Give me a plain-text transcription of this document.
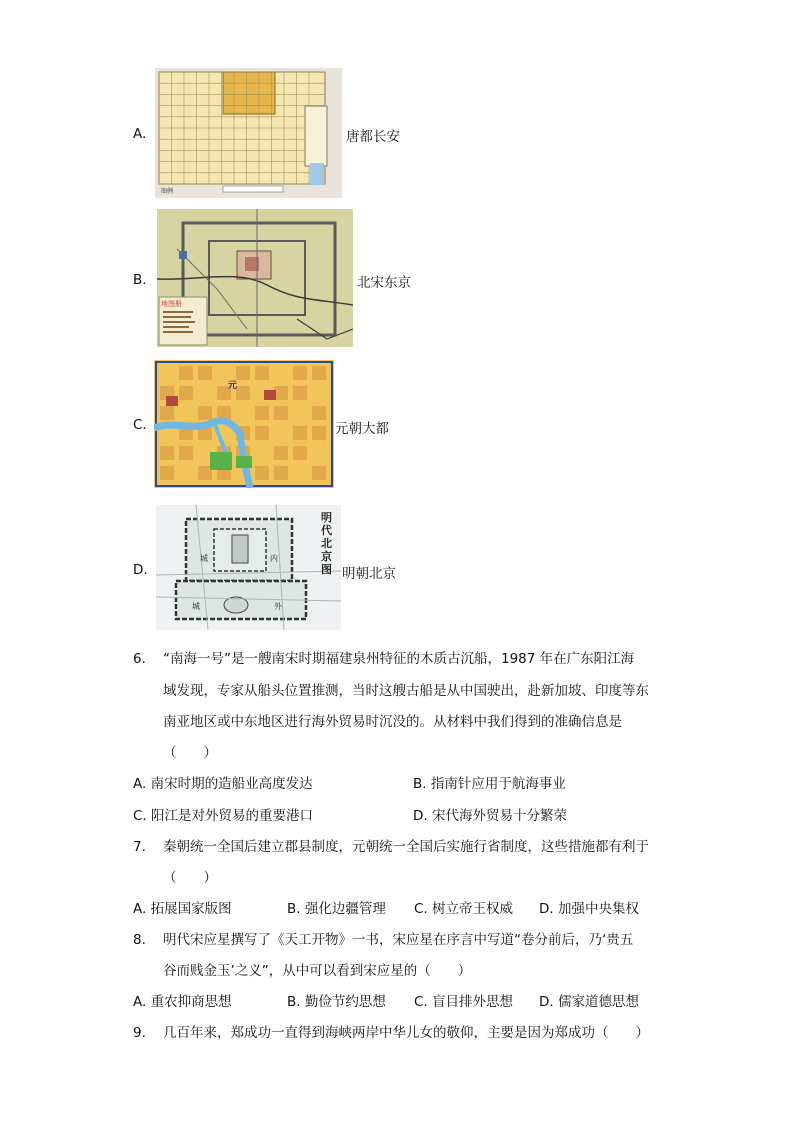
A.
图例
唐都长安
B.
地图册
北宋东京
C.
元
元朝大都
D.
城	内
城	外
明代北京图 明朝北京
6. “南海一号”是一艘南宋时期福建泉州特征的木质古沉船，1987 年在广东阳江海
域发现，专家从船头位置推测，当时这艘古船是从中国驶出，赴新加坡、印度等东
南亚地区或中东地区进行海外贸易时沉没的。从材料中我们得到的准确信息是
（　　）
A. 南宋时期的造船业高度发达	B. 指南针应用于航海事业
C. 阳江是对外贸易的重要港口	D. 宋代海外贸易十分繁荣
7. 秦朝统一全国后建立郡县制度，元朝统一全国后实施行省制度，这些措施都有利于
（　　）
A. 拓展国家版图	B. 强化边疆管理 C. 树立帝王权威 D. 加强中央集权
8. 明代宋应星撰写了《天工开物》一书，宋应星在序言中写道“卷分前后，乃‘贵五
谷而贱金玉’之义”，从中可以看到宋应星的（　　）
A. 重农抑商思想	B. 勤俭节约思想 C. 盲目排外思想 D. 儒家道德思想
9. 几百年来，郑成功一直得到海峡两岸中华儿女的敬仰，主要是因为郑成功（　　）
